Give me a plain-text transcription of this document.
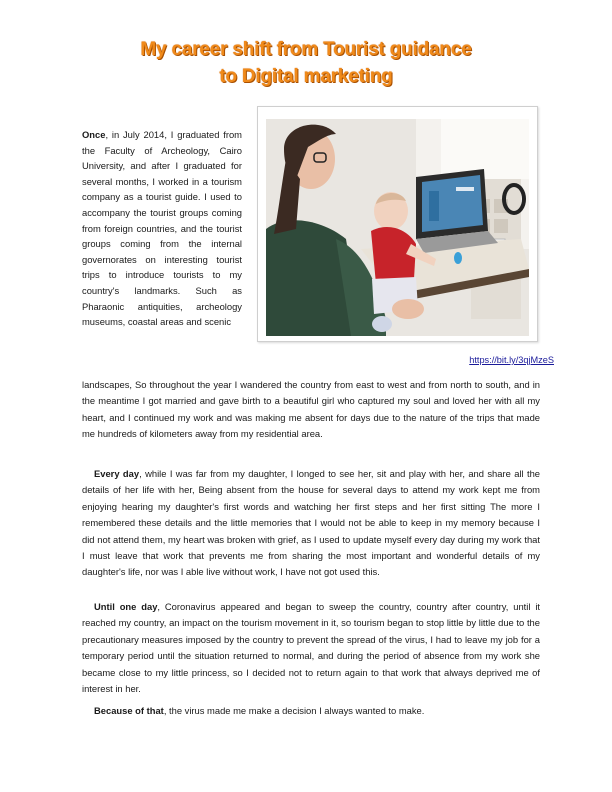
My career shift from Tourist guidance
to Digital marketing
Once, in July 2014, I graduated from the Faculty of Archeology, Cairo University, and after I graduated for several months, I worked in a tourism company as a tourist guide. I used to accompany the tourist groups coming from foreign countries, and the tourist groups coming from the internal governorates on interesting tourist trips to introduce tourists to my country's landmarks. Such as Pharaonic antiquities, archeology museums, coastal areas and scenic
https://bit.ly/3qjMzeS
landscapes, So throughout the year I wandered the country from east to west and from north to south, and in the meantime I got married and gave birth to a beautiful girl who captured my soul and loved her with all my heart, and I continued my work and was making me absent for days due to the nature of the trips that made me hundreds of kilometers away from my residential area.
Every day, while I was far from my daughter, I longed to see her, sit and play with her, and share all the details of her life with her, Being absent from the house for several days to attend my work kept me from enjoying hearing my daughter's first words and watching her first steps and her first sitting The more I remembered these details and the little memories that I would not be able to keep in my memory because I did not attend them, my heart was broken with grief, as I used to update myself every day during my work that I must leave that work that prevents me from sharing the most important and wonderful details of my daughter's life, nor was I able live without work, I have not got used this.
Until one day, Coronavirus appeared and began to sweep the country, country after country, until it reached my country, an impact on the tourism movement in it, so tourism began to stop little by little due to the precautionary measures imposed by the country to prevent the spread of the virus, I had to leave my job for a temporary period until the situation returned to normal, and during the period of absence from my work she became close to my little princess, so I decided not to return again to that work that always deprived me of interest in her.
Because of that, the virus made me make a decision I always wanted to make.
